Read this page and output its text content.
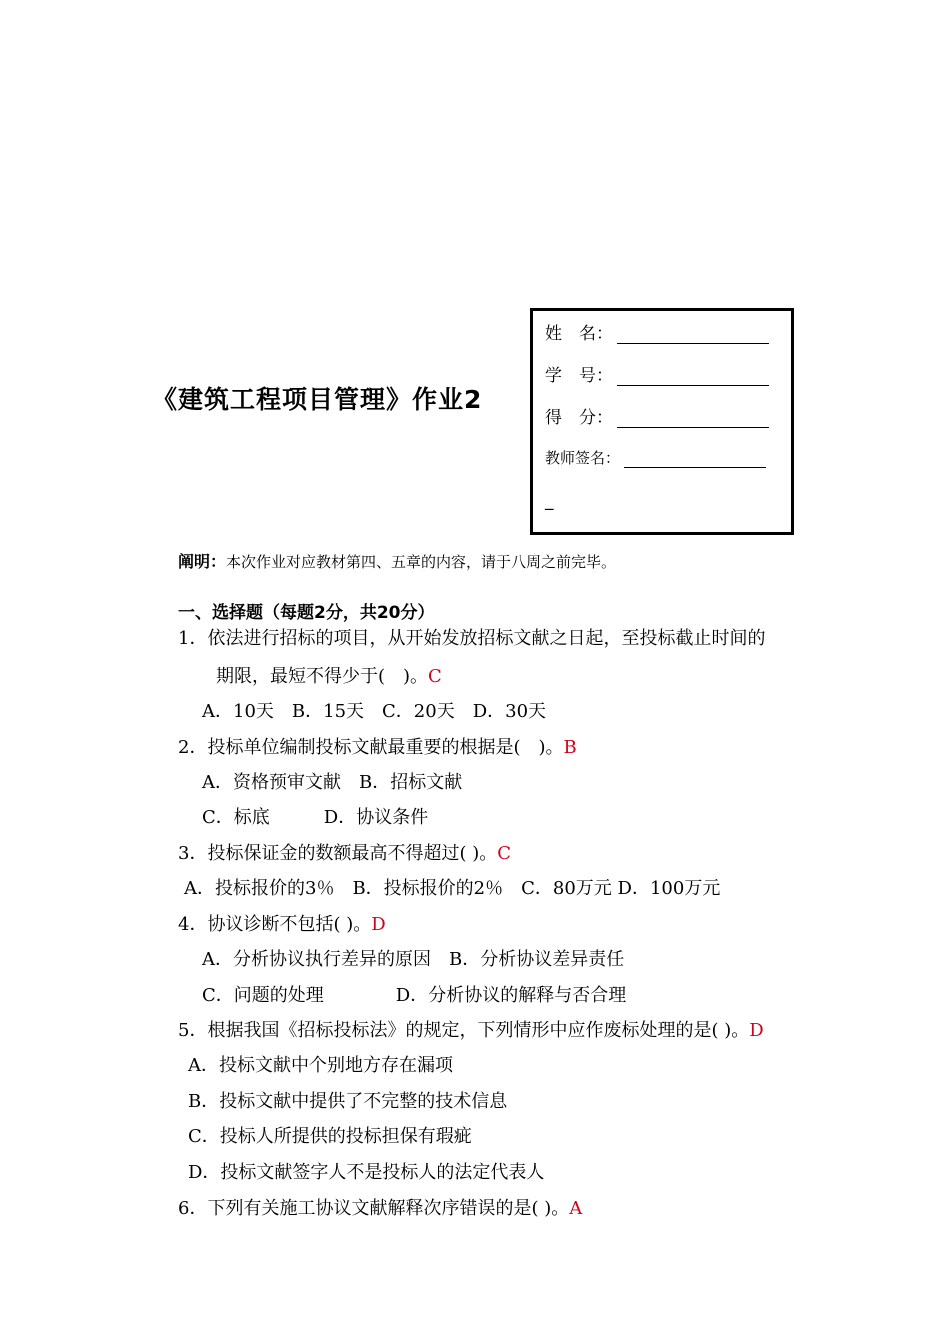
《建筑工程项目管理》作业2
姓　名：
学　号：
得　分：
教师签名：
_
阐明：本次作业对应教材第四、五章的内容，请于八周之前完毕。
一、选择题（每题2分，共20分）
1．依法进行招标的项目，从开始发放招标文献之日起，至投标截止时间的
期限，最短不得少于(　)。C
A．10天　B．15天　C．20天　D．30天
2．投标单位编制投标文献最重要的根据是(　)。B
A．资格预审文献　B．招标文献
C．标底　　　D．协议条件
3．投标保证金的数额最高不得超过( )。C
A．投标报价的3％　B．投标报价的2％　C．80万元 D．100万元
4．协议诊断不包括( )。D
A．分析协议执行差异的原因　B．分析协议差异责任
C．问题的处理　　　　D．分析协议的解释与否合理
5．根据我国《招标投标法》的规定，下列情形中应作废标处理的是( )。D
A．投标文献中个别地方存在漏项
B．投标文献中提供了不完整的技术信息
C．投标人所提供的投标担保有瑕疵
D．投标文献签字人不是投标人的法定代表人
6．下列有关施工协议文献解释次序错误的是( )。A
